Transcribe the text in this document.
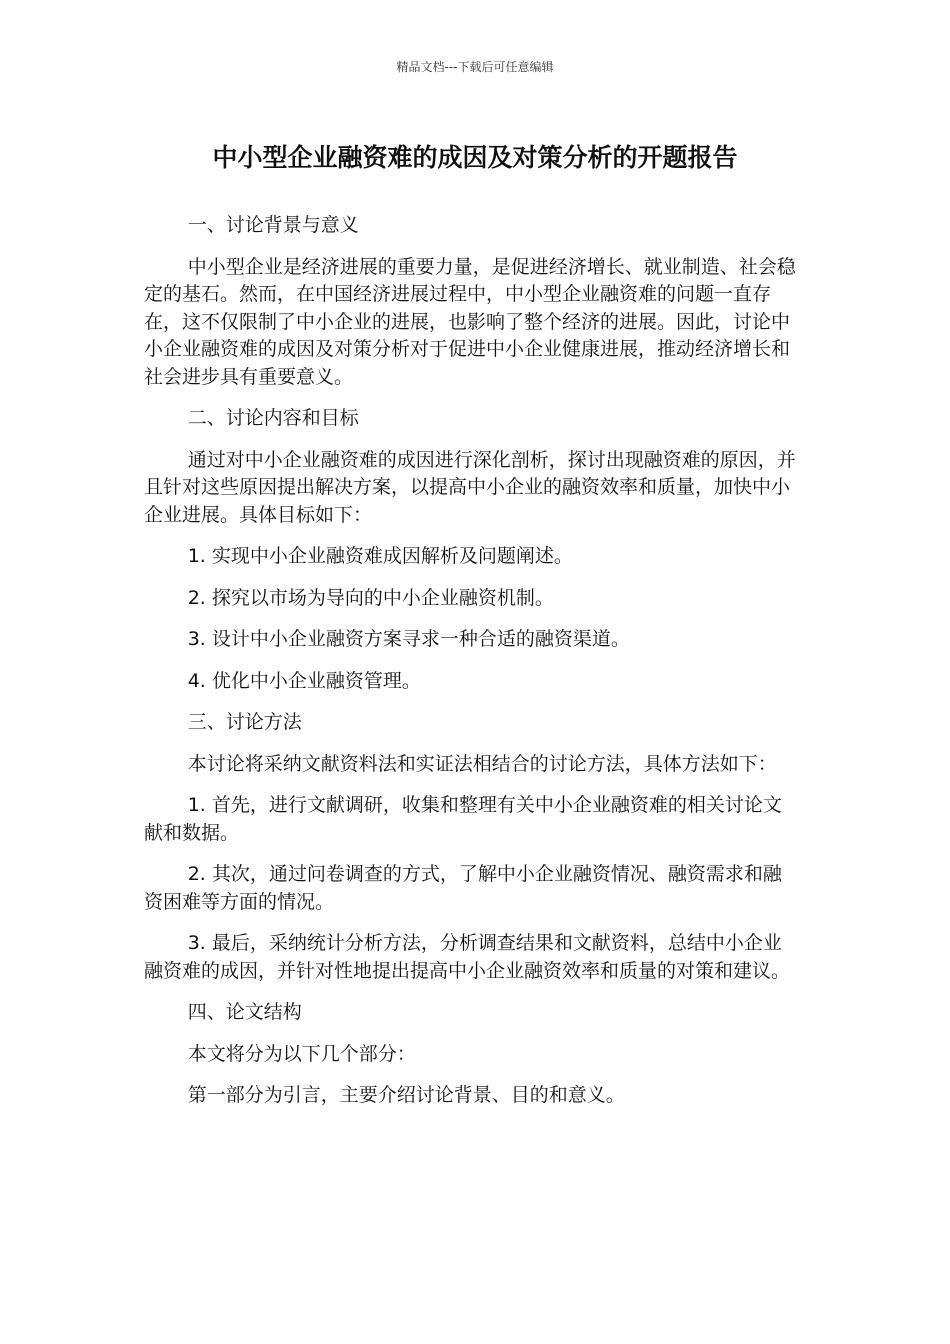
精品文档---下载后可任意编辑
中小型企业融资难的成因及对策分析的开题报告

一、讨论背景与意义

中小型企业是经济进展的重要力量，是促进经济增长、就业制造、社会稳定的基石。然而，在中国经济进展过程中，中小型企业融资难的问题一直存在，这不仅限制了中小企业的进展，也影响了整个经济的进展。因此，讨论中小企业融资难的成因及对策分析对于促进中小企业健康进展，推动经济增长和社会进步具有重要意义。

二、讨论内容和目标

通过对中小企业融资难的成因进行深化剖析，探讨出现融资难的原因，并且针对这些原因提出解决方案，以提高中小企业的融资效率和质量，加快中小企业进展。具体目标如下：

1. 实现中小企业融资难成因解析及问题阐述。

2. 探究以市场为导向的中小企业融资机制。

3. 设计中小企业融资方案寻求一种合适的融资渠道。

4. 优化中小企业融资管理。

三、讨论方法

本讨论将采纳文献资料法和实证法相结合的讨论方法，具体方法如下：

1. 首先，进行文献调研，收集和整理有关中小企业融资难的相关讨论文献和数据。

2. 其次，通过问卷调查的方式，了解中小企业融资情况、融资需求和融资困难等方面的情况。

3. 最后，采纳统计分析方法，分析调查结果和文献资料，总结中小企业融资难的成因，并针对性地提出提高中小企业融资效率和质量的对策和建议。

四、论文结构

本文将分为以下几个部分：

第一部分为引言，主要介绍讨论背景、目的和意义。
